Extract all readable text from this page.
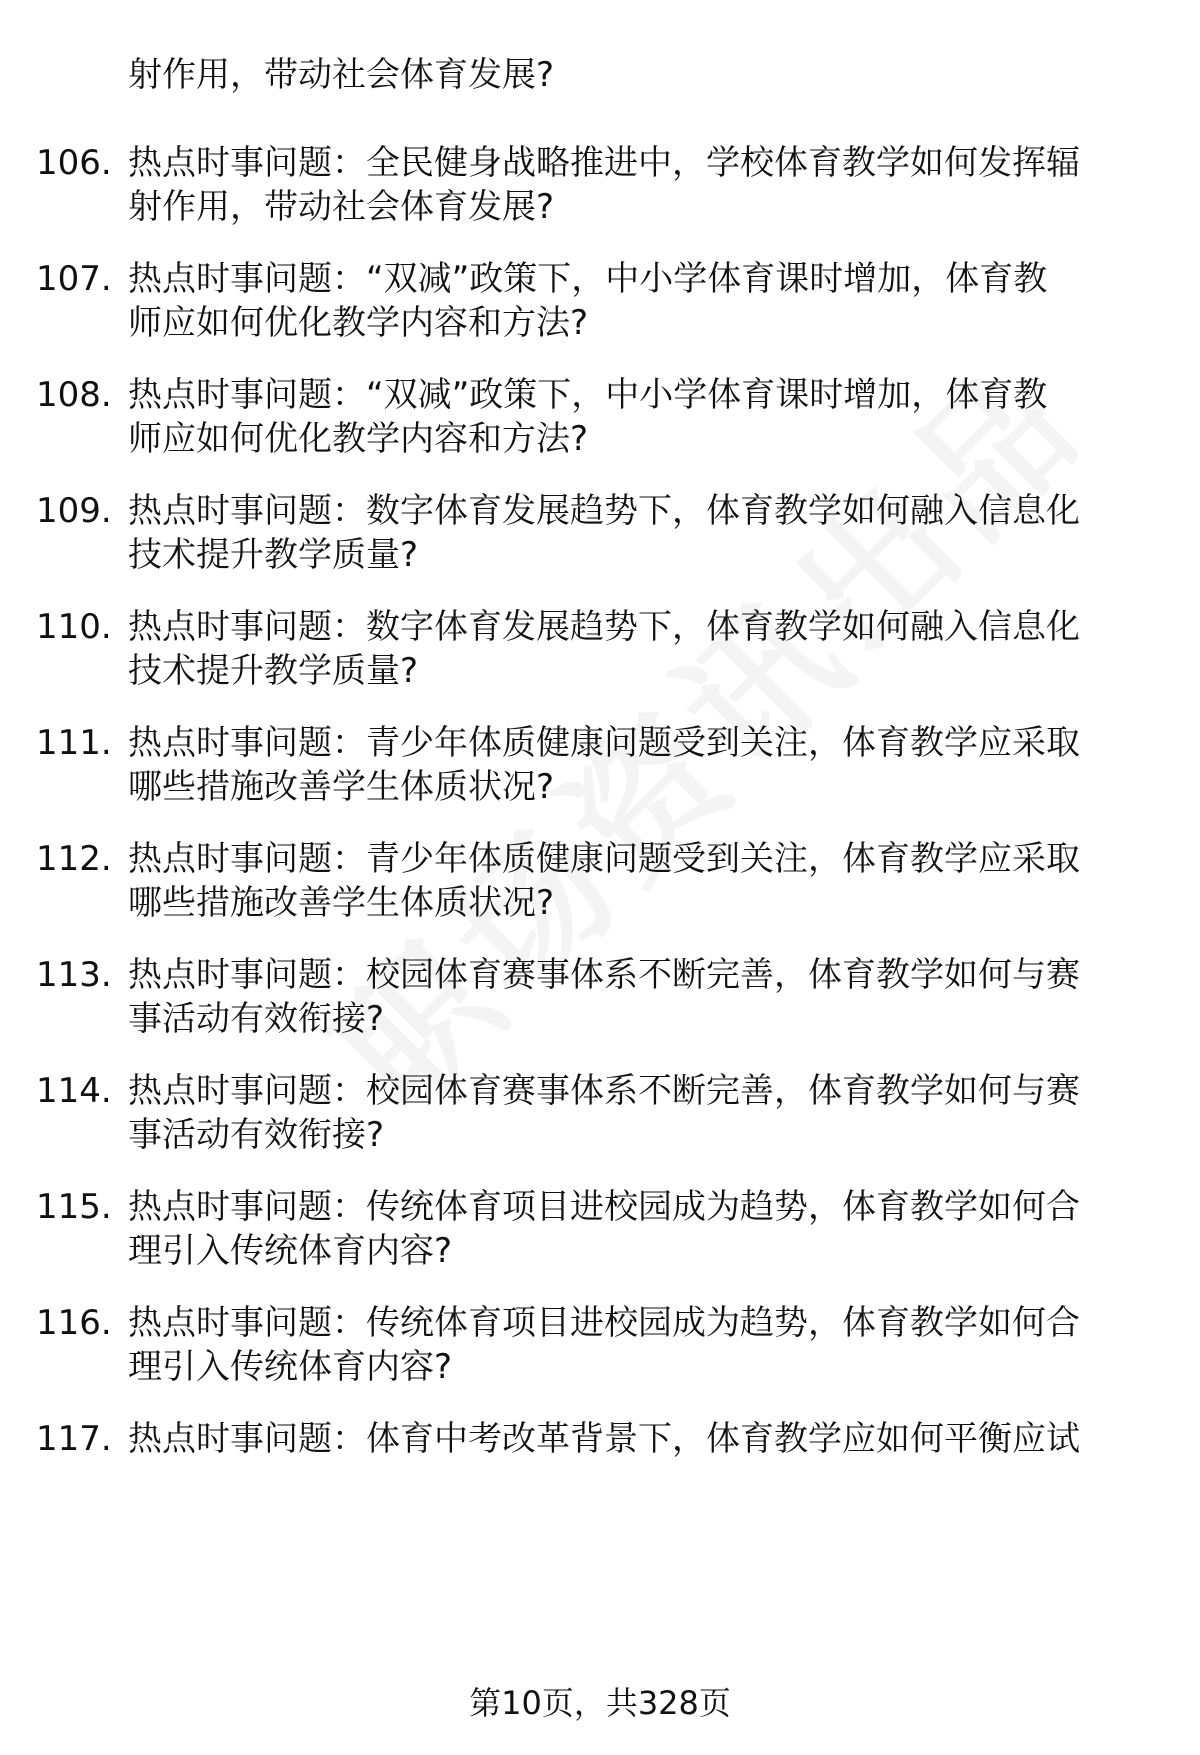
射作用，带动社会体育发展?
106. 热点时事问题：全民健身战略推进中，学校体育教学如何发挥辐
射作用，带动社会体育发展?
107. 热点时事问题：“双减”政策下，中小学体育课时增加，体育教
师应如何优化教学内容和方法?
108. 热点时事问题：“双减”政策下，中小学体育课时增加，体育教
师应如何优化教学内容和方法?
109. 热点时事问题：数字体育发展趋势下，体育教学如何融入信息化
技术提升教学质量?
110. 热点时事问题：数字体育发展趋势下，体育教学如何融入信息化
技术提升教学质量?
111. 热点时事问题：青少年体质健康问题受到关注，体育教学应采取
哪些措施改善学生体质状况?
112. 热点时事问题：青少年体质健康问题受到关注，体育教学应采取
哪些措施改善学生体质状况?
113. 热点时事问题：校园体育赛事体系不断完善，体育教学如何与赛
事活动有效衔接?
114. 热点时事问题：校园体育赛事体系不断完善，体育教学如何与赛
事活动有效衔接?
115. 热点时事问题：传统体育项目进校园成为趋势，体育教学如何合
理引入传统体育内容?
116. 热点时事问题：传统体育项目进校园成为趋势，体育教学如何合
理引入传统体育内容?
117. 热点时事问题：体育中考改革背景下，体育教学应如何平衡应试
第10页，共328页
